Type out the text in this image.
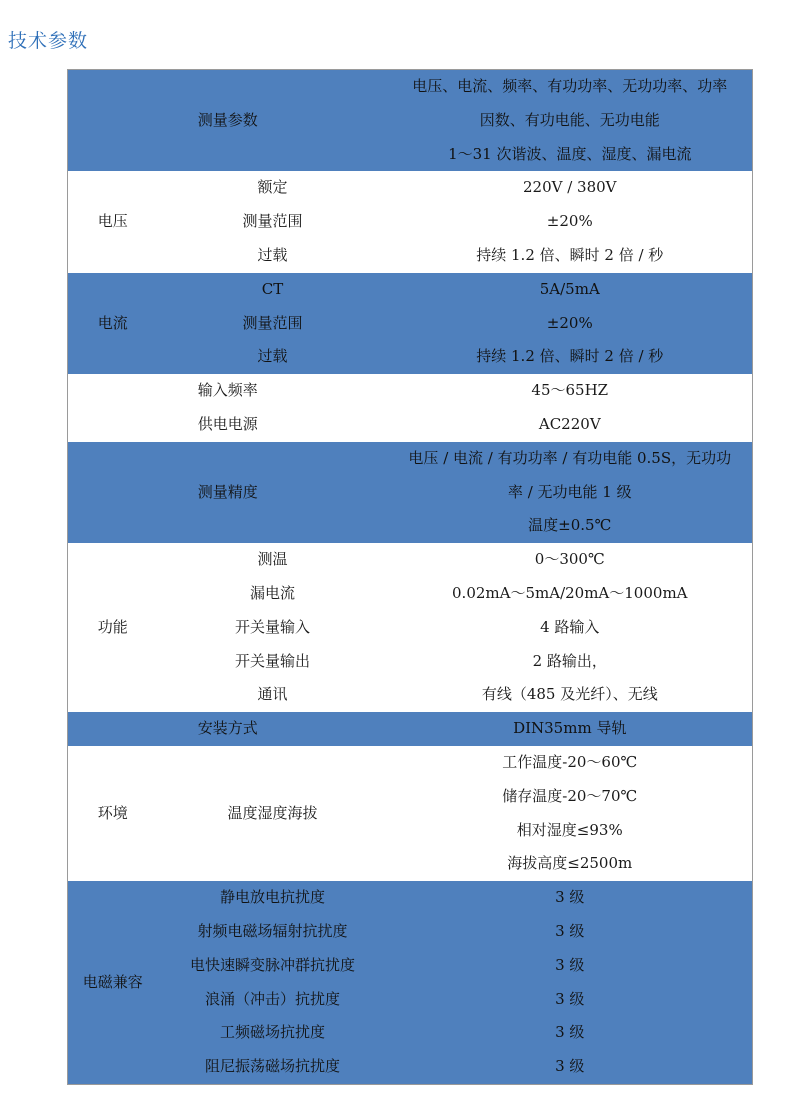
技术参数
测量参数		电压、电流、频率、有功功率、无功功率、功率
		因数、有功电能、无功电能
		1～31 次谐波、温度、湿度、漏电流
电压	额定	220V / 380V
	测量范围	±20%
	过载	持续 1.2 倍、瞬时 2 倍 / 秒
电流	CT	5A/5mA
	测量范围	±20%
	过载	持续 1.2 倍、瞬时 2 倍 / 秒
输入频率		45～65HZ
供电电源		AC220V
测量精度		电压 / 电流 / 有功功率 / 有功电能 0.5S，无功功
		率 / 无功电能 1 级
		温度±0.5℃
功能	测温	0～300℃
	漏电流	0.02mA～5mA/20mA～1000mA
	开关量输入	4 路输入
	开关量输出	2 路输出，
	通讯	有线（485 及光纤）、无线
安装方式		DIN35mm 导轨
环境	温度湿度海拔	工作温度-20～60℃
		储存温度-20～70℃
		相对湿度≤93%
		海拔高度≤2500m
电磁兼容	静电放电抗扰度	3 级
	射频电磁场辐射抗扰度	3 级
	电快速瞬变脉冲群抗扰度	3 级
	浪涌（冲击）抗扰度	3 级
	工频磁场抗扰度	3 级
	阻尼振荡磁场抗扰度	3 级
